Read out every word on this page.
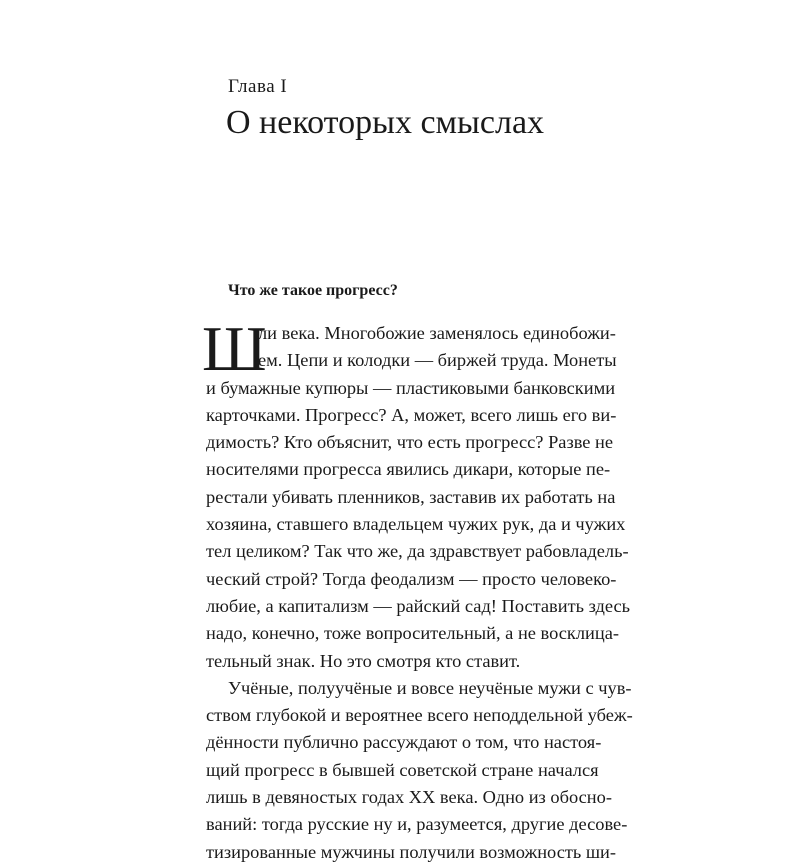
Глава I
О некоторых смыслах
Что же такое прогресс?
Ш
ли века. Многобожие заменялось единобожи-
ем. Цепи и колодки — биржей труда. Монеты
и бумажные купюры — пластиковыми банковскими
карточками. Прогресс? А, может, всего лишь его ви-
димость? Кто объяснит, что есть прогресс? Разве не
носителями прогресса явились дикари, которые пе-
рестали убивать пленников, заставив их работать на
хозяина, ставшего владельцем чужих рук, да и чужих
тел целиком? Так что же, да здравствует рабовладель-
ческий строй? Тогда феодализм — просто человеко-
любие, а капитализм — райский сад! Поставить здесь
надо, конечно, тоже вопросительный, а не восклица-
тельный знак. Но это смотря кто ставит.
Учёные, полуучёные и вовсе неучёные мужи с чув-
ством глубокой и вероятнее всего неподдельной убеж-
дённости публично рассуждают о том, что настоя-
щий прогресс в бывшей советской стране начался
лишь в девяностых годах XX века. Одно из обосно-
ваний: тогда русские ну и, разумеется, другие десове-
тизированные мужчины получили возможность ши-
